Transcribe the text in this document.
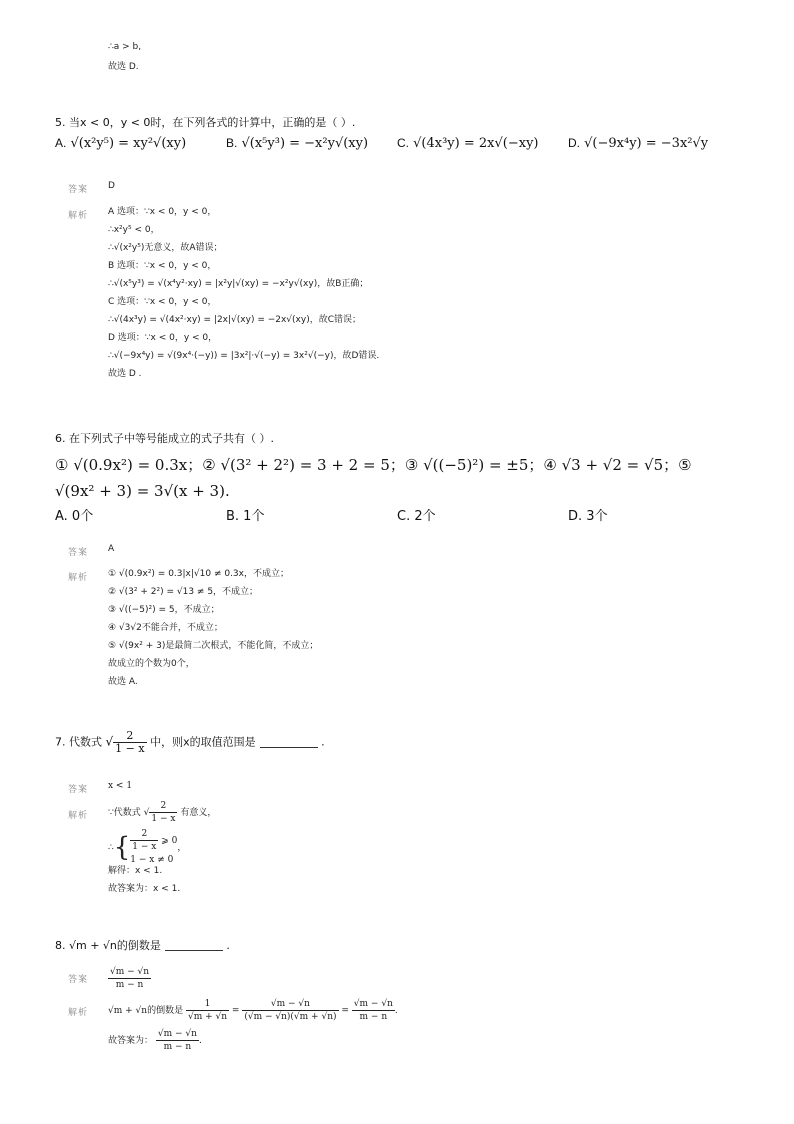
∴a > b,
故选 D.
5. 当x < 0，y < 0时，在下列各式的计算中，正确的是（ ）.
A. √(x²y⁵) = xy²√(xy)	B. √(x⁵y³) = −x²y√(xy) C. √(4x³y) = 2x√(−xy) D. √(−9x⁴y) = −3x²√y
答案 D
解析 A 选项：∵x < 0，y < 0，
∴x²y⁵ < 0，
∴√(x²y⁵)无意义，故A错误；
B 选项：∵x < 0，y < 0，
∴√(x⁵y³) = √(x⁴y²·xy) = |x²y|√(xy) = −x²y√(xy)，故B正确；
C 选项：∵x < 0，y < 0，
∴√(4x³y) = √(4x²·xy) = |2x|√(xy) = −2x√(xy)，故C错误；
D 选项：∵x < 0，y < 0，
∴√(−9x⁴y) = √(9x⁴·(−y)) = |3x²|·√(−y) = 3x²√(−y)，故D错误.
故选 D .
6. 在下列式子中等号能成立的式子共有（ ）.
① √(0.9x²) = 0.3x；② √(3² + 2²) = 3 + 2 = 5；③ √((−5)²) = ±5；④ √3 + √2 = √5；⑤
√(9x² + 3) = 3√(x + 3).
A. 0个	B. 1个	C. 2个	D. 3个
答案 A
解析 ① √(0.9x²) = 0.3|x|√10 ≠ 0.3x，不成立；
② √(3² + 2²) = √13 ≠ 5，不成立；
③ √((−5)²) = 5，不成立；
④ √3√2不能合并，不成立；
⑤ √(9x² + 3)是最简二次根式，不能化简，不成立；
故成立的个数为0个，
故选 A.
7. 代数式 √ $\frac{2}{1 - x}$ 中，则x的取值范围是	.
答案 x < 1
解析 ∵代数式 √ $\frac{2}{1 - x}$ 有意义，
∴{ $\frac{2}{1 - x}$ ⩾ 0
1 − x ≠ 0
，
解得：x < 1.
故答案为：x < 1.
8. √m + √n的倒数是	.
答案 $\frac{√m - √n}{m - n}$
解析 √m + √n的倒数是 $\frac{1}{√m + √n} = \frac{√m - √n}{(√m - √n)(√m + √n)} = \frac{√m - √n}{m - n}$ .
故答案为： $\frac{√m - √n}{m - n}$ .
